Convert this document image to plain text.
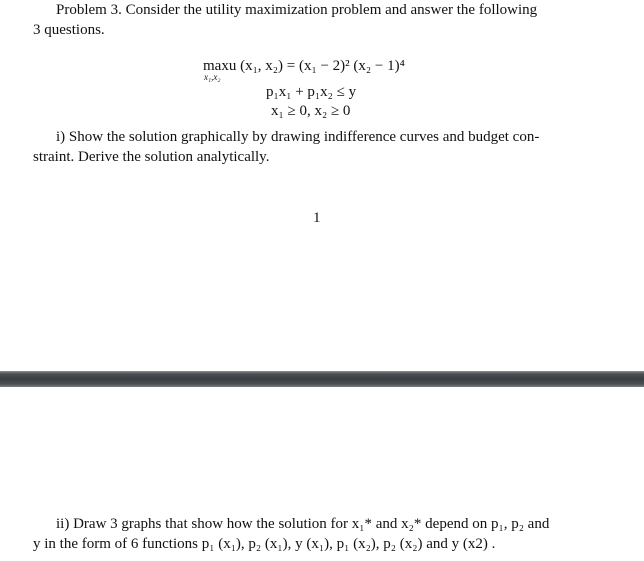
Problem 3. Consider the utility maximization problem and answer the following
3 questions.

maxu (x₁, x₂) = (x₁ − 2)² (x₂ − 1)⁴
x₁,x₂
p₁x₁ + p₁x₂ ≤ y
x₁ ≥ 0, x₂ ≥ 0

i) Show the solution graphically by drawing indifference curves and budget con-
straint. Derive the solution analytically.

1

ii) Draw 3 graphs that show how the solution for x₁* and x₂* depend on p₁, p₂ and
y in the form of 6 functions p₁ (x₁), p₂ (x₁), y (x₁), p₁ (x₂), p₂ (x₂) and y (x2) .
